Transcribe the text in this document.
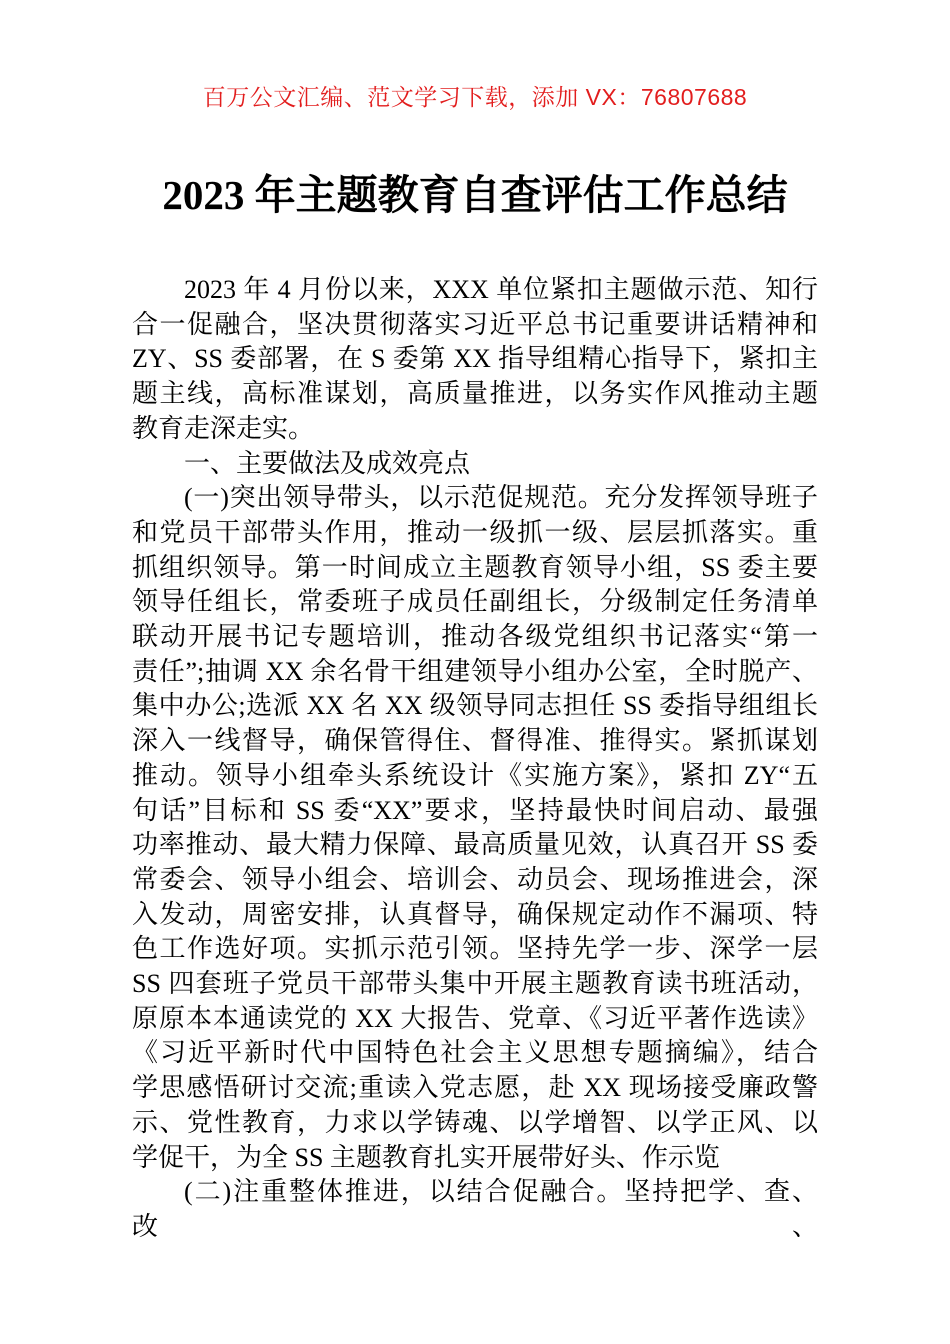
百万公文汇编、范文学习下载，添加 VX：76807688
2023 年主题教育自查评估工作总结
2023 年 4 月份以来，XXX 单位紧扣主题做示范、知行
合一促融合，坚决贯彻落实习近平总书记重要讲话精神和
ZY、SS 委部署，在 S 委第 XX 指导组精心指导下，紧扣主
题主线，高标准谋划，高质量推进，以务实作风推动主题
教育走深走实。
一、主要做法及成效亮点
(一)突出领导带头，以示范促规范。充分发挥领导班子
和党员干部带头作用，推动一级抓一级、层层抓落实。重
抓组织领导。第一时间成立主题教育领导小组，SS 委主要
领导任组长，常委班子成员任副组长，分级制定任务清单
联动开展书记专题培训，推动各级党组织书记落实“第一
责任”;抽调 XX 余名骨干组建领导小组办公室，全时脱产、
集中办公;选派 XX 名 XX 级领导同志担任 SS 委指导组组长
深入一线督导，确保管得住、督得准、推得实。紧抓谋划
推动。领导小组牵头系统设计《实施方案》，紧扣 ZY“五
句话”目标和 SS 委“XX”要求，坚持最快时间启动、最强
功率推动、最大精力保障、最高质量见效，认真召开 SS 委
常委会、领导小组会、培训会、动员会、现场推进会，深
入发动，周密安排，认真督导，确保规定动作不漏项、特
色工作选好项。实抓示范引领。坚持先学一步、深学一层
SS 四套班子党员干部带头集中开展主题教育读书班活动，
原原本本通读党的 XX 大报告、党章、《习近平著作选读》
《习近平新时代中国特色社会主义思想专题摘编》，结合
学思感悟研讨交流;重读入党志愿，赴 XX 现场接受廉政警
示、党性教育，力求以学铸魂、以学增智、以学正风、以
学促干，为全 SS 主题教育扎实开展带好头、作示览
(二)注重整体推进，以结合促融合。坚持把学、查、改、
